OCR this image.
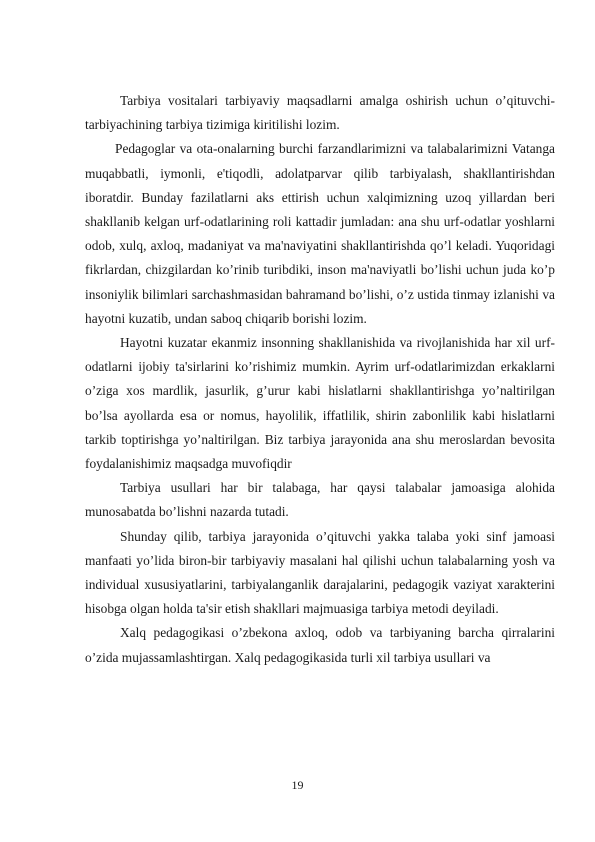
Tarbiya vositalari tarbiyaviy maqsadlarni amalga oshirish uchun o’qituvchi-tarbiyachining tarbiya tizimiga kiritilishi lozim.

Pedagoglar va ota-onalarning burchi farzandlarimizni va talabalarimizni Vatanga muqabbatli, iymonli, e'tiqodli, adolatparvar qilib tarbiyalash, shakllantirishdan iboratdir. Bunday fazilatlarni aks ettirish uchun xalqimizning uzoq yillardan beri shakllanib kelgan urf-odatlarining roli kattadir jumladan: ana shu urf-odatlar yoshlarni odob, xulq, axloq, madaniyat va ma'naviyatini shakllantirishda qo’l keladi. Yuqoridagi fikrlardan, chizgilardan ko’rinib turibdiki, inson ma'naviyatli bo’lishi uchun juda ko’p insoniylik bilimlari sarchashmasidan bahramand bo’lishi, o’z ustida tinmay izlanishi va hayotni kuzatib, undan saboq chiqarib borishi lozim.

Hayotni kuzatar ekanmiz insonning shakllanishida va rivojlanishida har xil urf-odatlarni ijobiy ta'sirlarini ko’rishimiz mumkin. Ayrim urf-odatlarimizdan erkaklarni o’ziga xos mardlik, jasurlik, g’urur kabi hislatlarni shakllantirishga yo’naltirilgan bo’lsa ayollarda esa or nomus, hayolilik, iffatlilik, shirin zabonlilik kabi hislatlarni tarkib toptirishga yo’naltirilgan. Biz tarbiya jarayonida ana shu meroslardan bevosita foydalanishimiz maqsadga muvofiqdir

Tarbiya usullari har bir talabaga, har qaysi talabalar jamoasiga alohida munosabatda bo’lishni nazarda tutadi.

Shunday qilib, tarbiya jarayonida o’qituvchi yakka talaba yoki sinf jamoasi manfaati yo’lida biron-bir tarbiyaviy masalani hal qilishi uchun talabalarning yosh va individual xususiyatlarini, tarbiyalanganlik darajalarini, pedagogik vaziyat xarakterini hisobga olgan holda ta'sir etish shakllari majmuasiga tarbiya metodi deyiladi.

Xalq pedagogikasi o’zbekona axloq, odob va tarbiyaning barcha qirralarini o’zida mujassamlashtirgan. Xalq pedagogikasida turli xil tarbiya usullari va

19
